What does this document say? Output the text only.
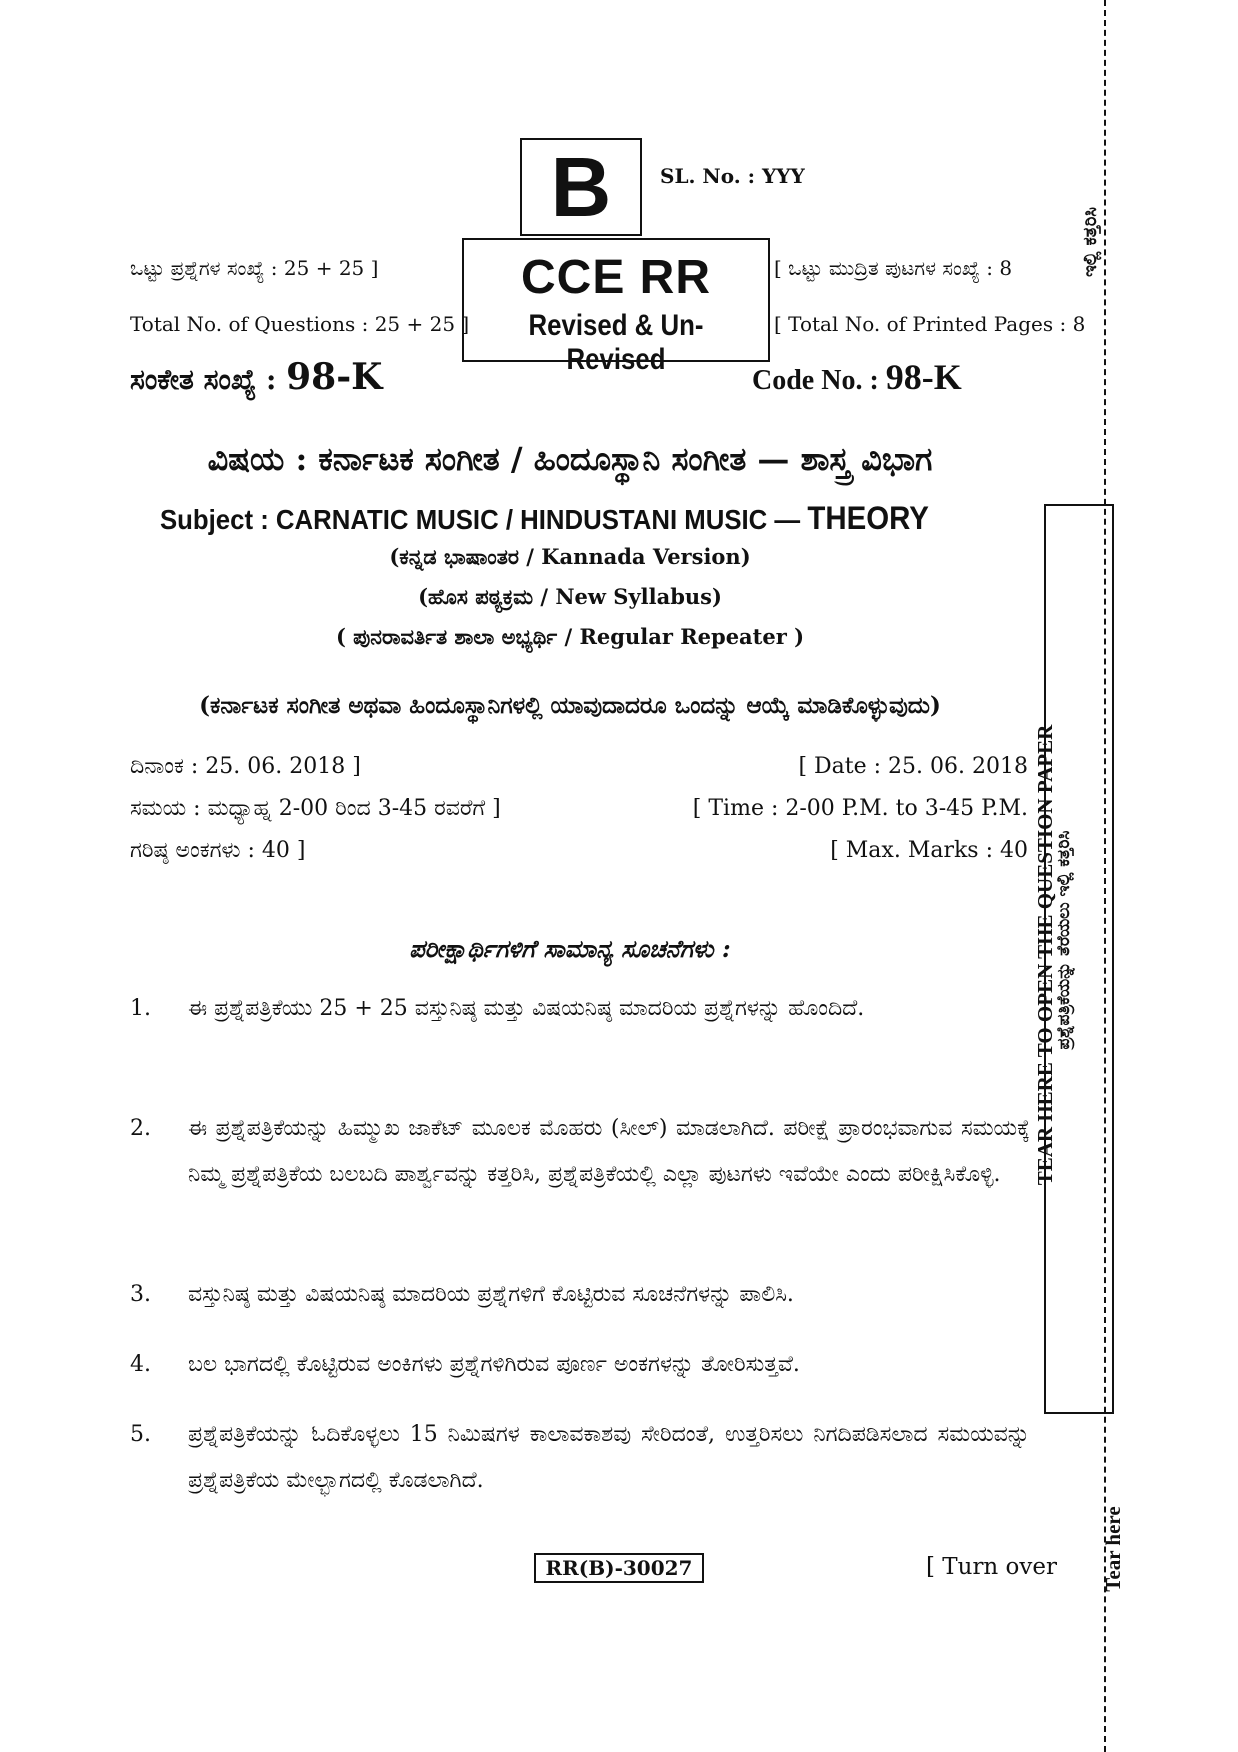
B SL. No. : YYY
ಒಟ್ಟು ಪ್ರಶ್ನೆಗಳ ಸಂಖ್ಯೆ : 25 + 25 ]
Total No. of Questions : 25 + 25 ]
CCE RR
Revised & Un-Revised
[ ಒಟ್ಟು ಮುದ್ರಿತ ಪುಟಗಳ ಸಂಖ್ಯೆ : 8
[ Total No. of Printed Pages : 8
ಸಂಕೇತ ಸಂಖ್ಯೆ : 98-K	Code No. : 98-K
ವಿಷಯ : ಕರ್ನಾಟಕ ಸಂಗೀತ / ಹಿಂದೂಸ್ಥಾನಿ ಸಂಗೀತ — ಶಾಸ್ತ್ರ ವಿಭಾಗ
Subject : CARNATIC MUSIC / HINDUSTANI MUSIC — THEORY
(ಕನ್ನಡ ಭಾಷಾಂತರ / Kannada Version)
(ಹೊಸ ಪಠ್ಯಕ್ರಮ / New Syllabus)
( ಪುನರಾವರ್ತಿತ ಶಾಲಾ ಅಭ್ಯರ್ಥಿ / Regular Repeater )
(ಕರ್ನಾಟಕ ಸಂಗೀತ ಅಥವಾ ಹಿಂದೂಸ್ಥಾನಿಗಳಲ್ಲಿ ಯಾವುದಾದರೂ ಒಂದನ್ನು ಆಯ್ಕೆ ಮಾಡಿಕೊಳ್ಳುವುದು)
ದಿನಾಂಕ : 25. 06. 2018 ]	[ Date : 25. 06. 2018
ಸಮಯ : ಮಧ್ಯಾಹ್ನ 2-00 ರಿಂದ 3-45 ರವರೆಗೆ ]	[ Time : 2-00 P.M. to 3-45 P.M.
ಗರಿಷ್ಠ ಅಂಕಗಳು : 40 ]	[ Max. Marks : 40
ಪರೀಕ್ಷಾರ್ಥಿಗಳಿಗೆ ಸಾಮಾನ್ಯ ಸೂಚನೆಗಳು :
1. ಈ ಪ್ರಶ್ನೆಪತ್ರಿಕೆಯು 25 + 25 ವಸ್ತುನಿಷ್ಠ ಮತ್ತು ವಿಷಯನಿಷ್ಠ ಮಾದರಿಯ ಪ್ರಶ್ನೆಗಳನ್ನು ಹೊಂದಿದೆ.
2. ಈ ಪ್ರಶ್ನೆಪತ್ರಿಕೆಯನ್ನು ಹಿಮ್ಮುಖ ಜಾಕೆಟ್ ಮೂಲಕ ಮೊಹರು (ಸೀಲ್) ಮಾಡಲಾಗಿದೆ. ಪರೀಕ್ಷೆ ಪ್ರಾರಂಭವಾಗುವ ಸಮಯಕ್ಕೆ ನಿಮ್ಮ ಪ್ರಶ್ನೆಪತ್ರಿಕೆಯ ಬಲಬದಿ ಪಾರ್ಶ್ವವನ್ನು ಕತ್ತರಿಸಿ, ಪ್ರಶ್ನೆಪತ್ರಿಕೆಯಲ್ಲಿ ಎಲ್ಲಾ ಪುಟಗಳು ಇವೆಯೇ ಎಂದು ಪರೀಕ್ಷಿಸಿಕೊಳ್ಳಿ.
3. ವಸ್ತುನಿಷ್ಠ ಮತ್ತು ವಿಷಯನಿಷ್ಠ ಮಾದರಿಯ ಪ್ರಶ್ನೆಗಳಿಗೆ ಕೊಟ್ಟಿರುವ ಸೂಚನೆಗಳನ್ನು ಪಾಲಿಸಿ.
4. ಬಲ ಭಾಗದಲ್ಲಿ ಕೊಟ್ಟಿರುವ ಅಂಕಿಗಳು ಪ್ರಶ್ನೆಗಳಿಗಿರುವ ಪೂರ್ಣ ಅಂಕಗಳನ್ನು ತೋರಿಸುತ್ತವೆ.
5. ಪ್ರಶ್ನೆಪತ್ರಿಕೆಯನ್ನು ಓದಿಕೊಳ್ಳಲು 15 ನಿಮಿಷಗಳ ಕಾಲಾವಕಾಶವು ಸೇರಿದಂತೆ, ಉತ್ತರಿಸಲು ನಿಗದಿಪಡಿಸಲಾದ ಸಮಯವನ್ನು ಪ್ರಶ್ನೆಪತ್ರಿಕೆಯ ಮೇಲ್ಭಾಗದಲ್ಲಿ ಕೊಡಲಾಗಿದೆ.
RR(B)-30027	[ Turn over
ಇಲ್ಲಿ ಕತ್ತರಿಸಿ
TEAR HERE TO OPEN THE QUESTION PAPER
ಪ್ರಶ್ನೆಪತ್ರಿಕೆಯನ್ನು ತೆರೆಯಲು ಇಲ್ಲಿ ಕತ್ತರಿಸಿ
Tear here
